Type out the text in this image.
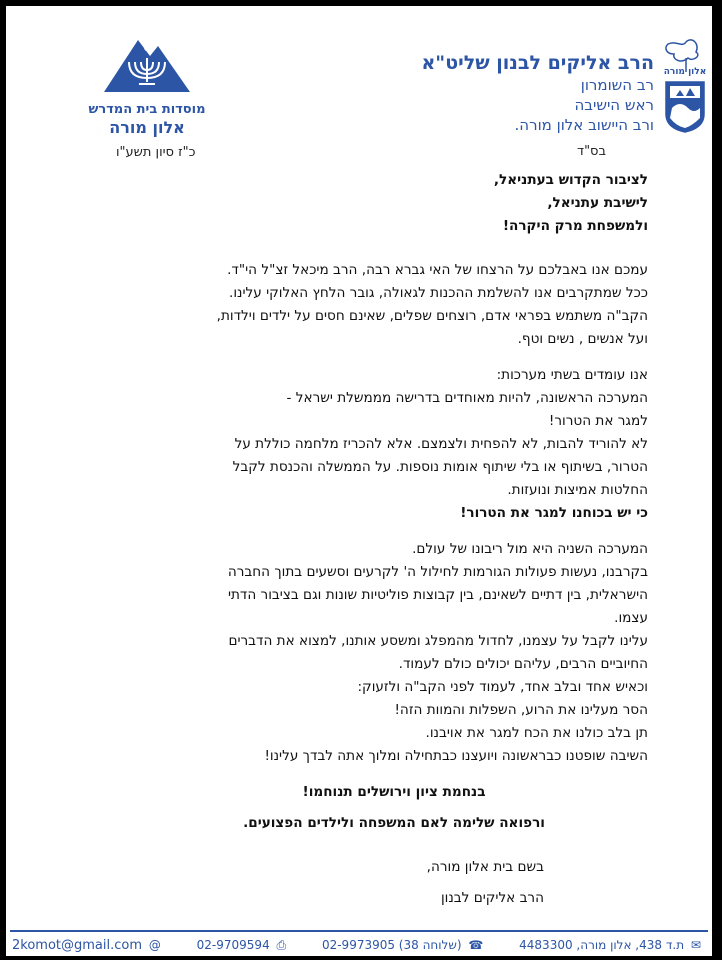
אלון מורה
הרב אליקים לבנון שליט"א
רב השומרון
ראש הישיבה
ורב היישוב אלון מורה.
מוסדות בית המדרש
אלון מורה
כ"ז סיון תשע"ו	בס"ד

לציבור הקדוש בעתניאל,

לישיבת עתניאל,

ולמשפחת מרק היקרה!

עמכם אנו באבלכם על הרצחו של האי גברא רבה, הרב מיכאל זצ"ל הי"ד.

ככל שמתקרבים אנו להשלמת ההכנות לגאולה, גובר הלחץ האלוקי עלינו.

הקב"ה משתמש בפראי אדם, רוצחים שפלים, שאינם חסים על ילדים וילדות,

ועל אנשים , נשים וטף.

אנו עומדים בשתי מערכות:

המערכה הראשונה, להיות מאוחדים בדרישה מממשלת ישראל -

למגר את הטרור!

לא להוריד להבות, לא להפחית ולצמצם. אלא להכריז מלחמה כוללת על

הטרור, בשיתוף או בלי שיתוף אומות נוספות. על הממשלה והכנסת לקבל

החלטות אמיצות ונועזות.

כי יש בכוחנו למגר את הטרור!

המערכה השניה היא מול ריבונו של עולם.

בקרבנו, נעשות פעולות הגורמות לחילול ה' לקרעים וסשעים בתוך החברה

הישראלית, בין דתיים לשאינם, בין קבוצות פוליטיות שונות וגם בציבור הדתי

עצמו.

עלינו לקבל על עצמנו, לחדול מהמפלג ומשסע אותנו, למצוא את הדברים

החיוביים הרבים, עליהם יכולים כולם לעמוד.

וכאיש אחד ובלב אחד, לעמוד לפני הקב"ה ולזעוק:

הסר מעלינו את הרוע, השפלות והמוות הזה!

תן בלב כולנו את הכח למגר את אויבנו.

השיבה שופטנו כבראשונה ויועצנו כבתחילה ומלוך אתה לבדך עלינו!

בנחמת ציון וירושלים תנוחמו!

ורפואה שלימה לאם המשפחה ולילדים הפצועים.

בשם בית אלון מורה,

הרב אליקים לבנון

2komot@gmail.com @	02-9709594 ⎙	02-9973905 (שלוחה 38) ☎	ת.ד 438, אלון מורה, 4483300 ✉
